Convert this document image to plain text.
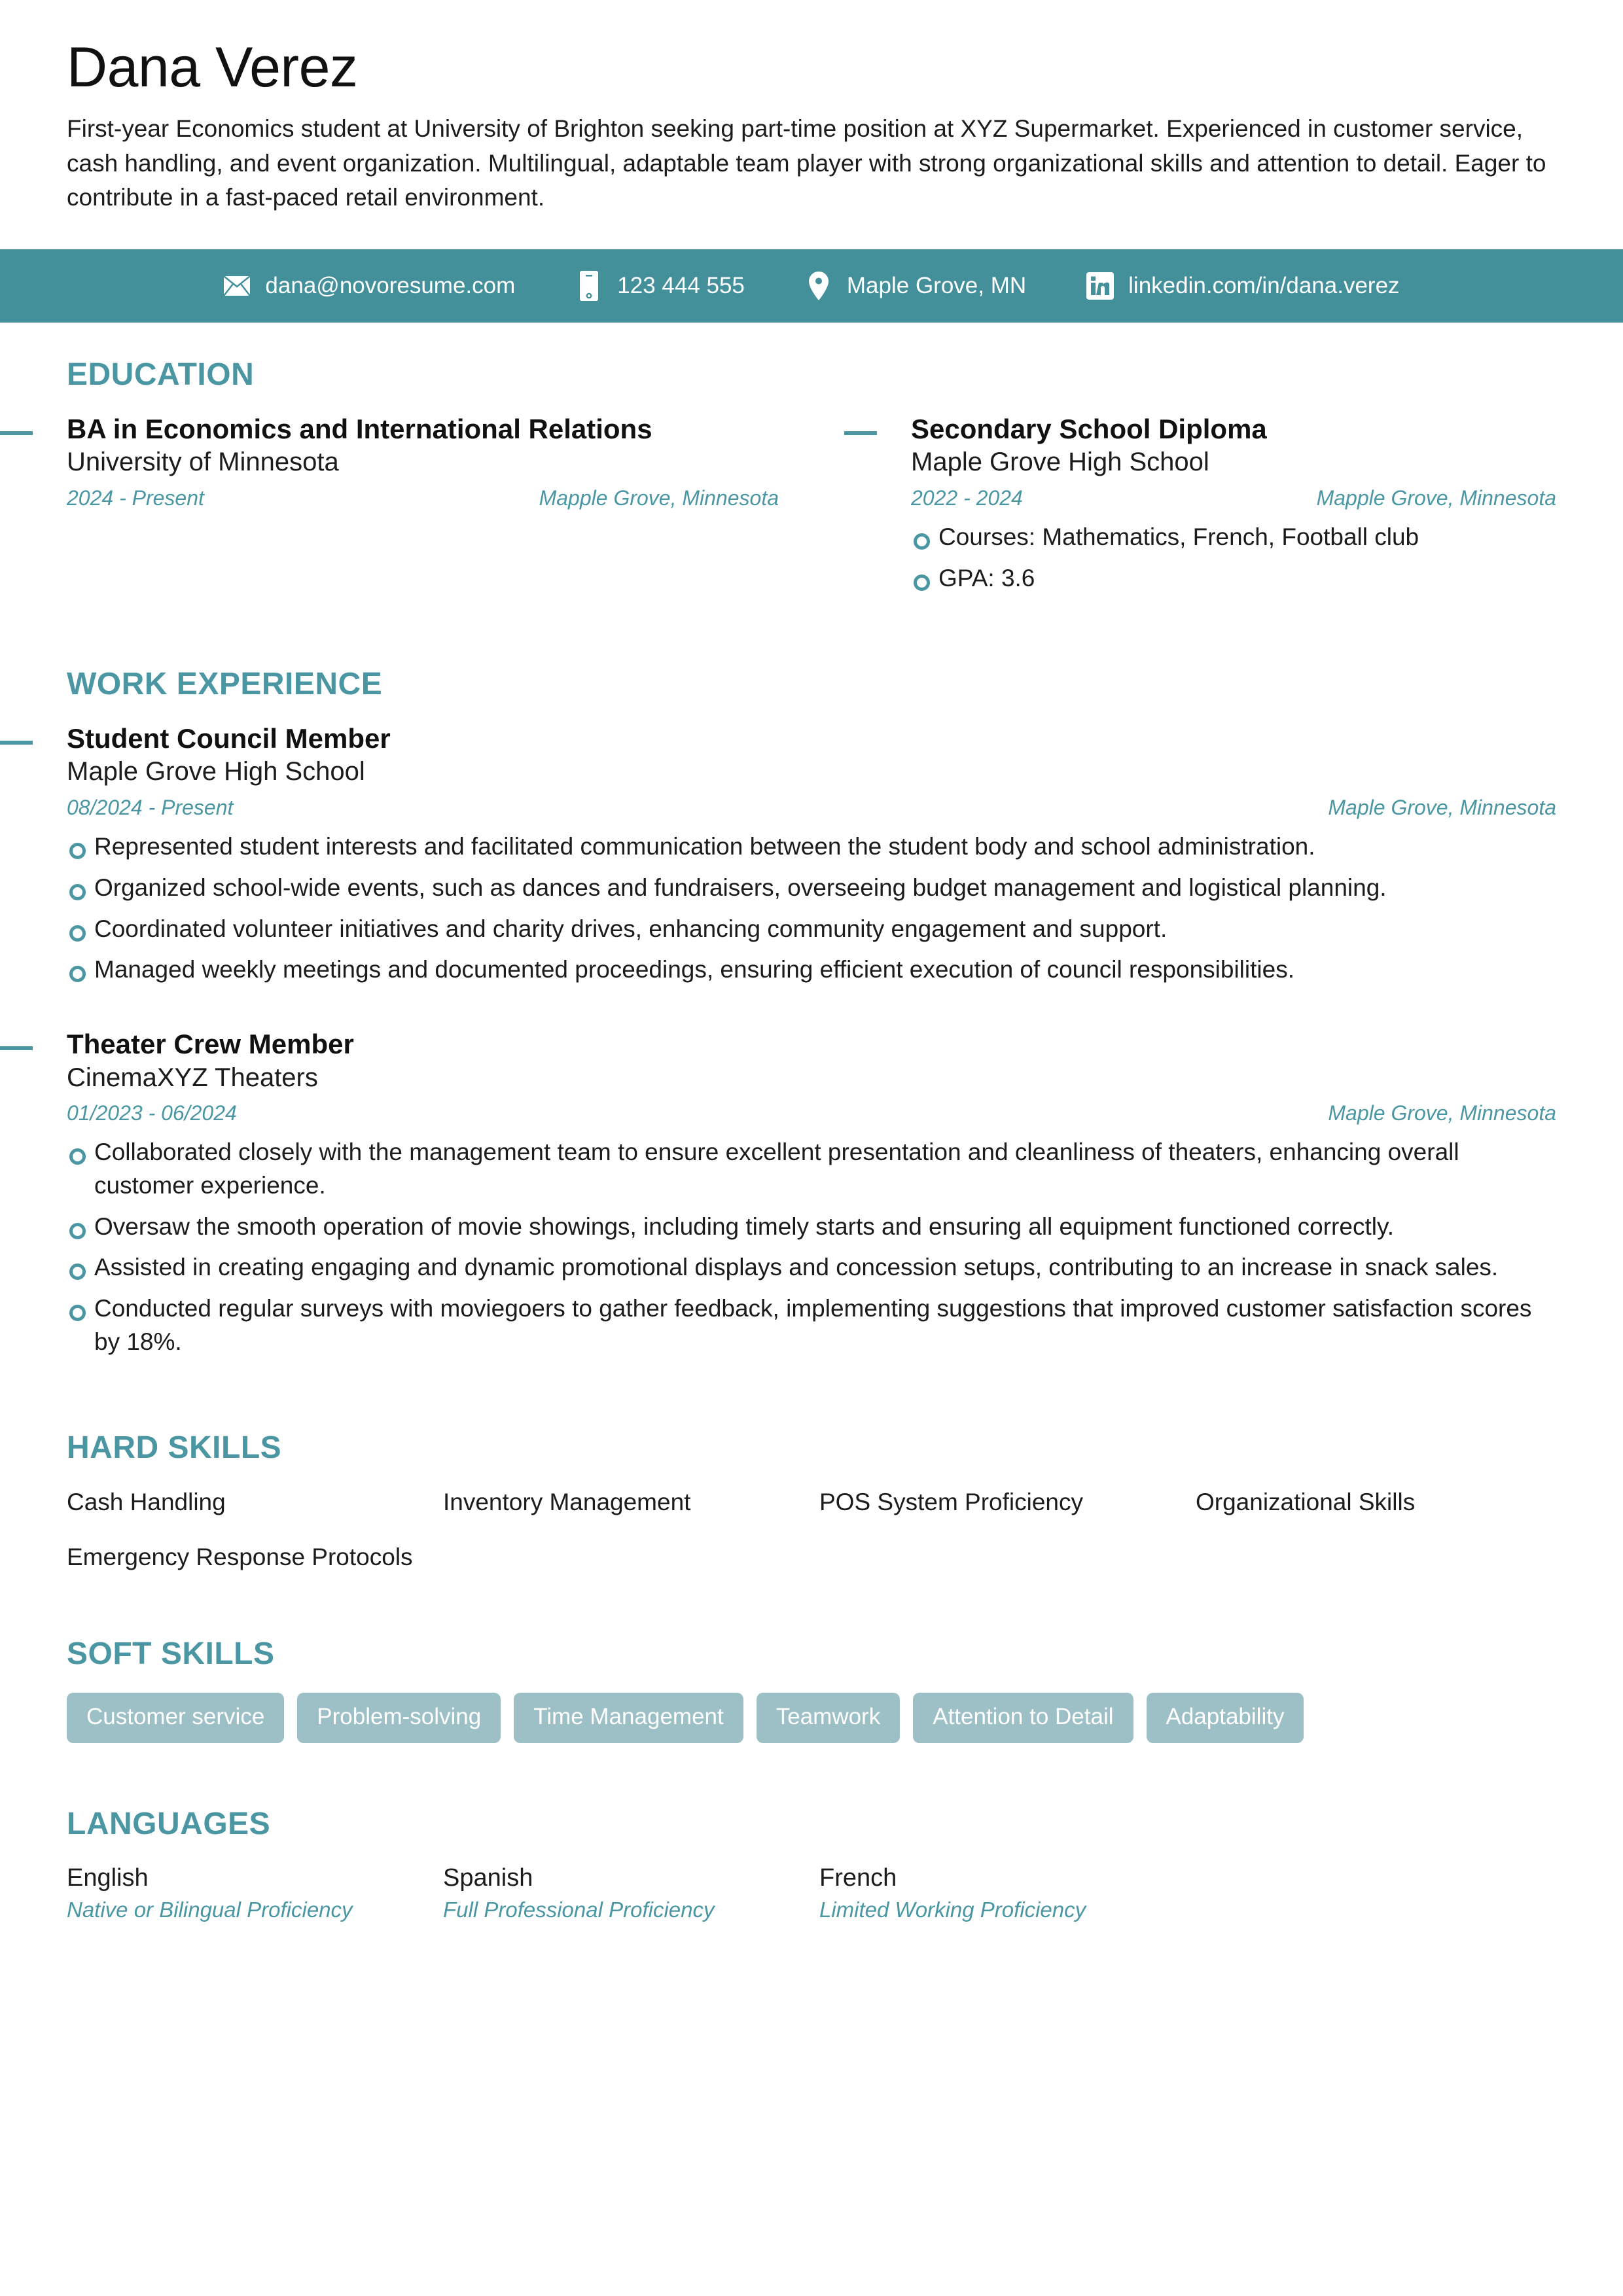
Dana Verez

First-year Economics student at University of Brighton seeking part-time position at XYZ Supermarket. Experienced in customer service, cash handling, and event organization. Multilingual, adaptable team player with strong organizational skills and attention to detail. Eager to contribute in a fast-paced retail environment.

dana@novoresume.com	123 444 555	Maple Grove, MN	linkedin.com/in/dana.verez
EDUCATION
BA in Economics and International Relations
University of Minnesota
2024 - Present	Mapple Grove, Minnesota
Secondary School Diploma
Maple Grove High School
2022 - 2024	Mapple Grove, Minnesota
Courses: Mathematics, French, Football club
GPA: 3.6
WORK EXPERIENCE
Student Council Member
Maple Grove High School
08/2024 - Present	Maple Grove, Minnesota
Represented student interests and facilitated communication between the student body and school administration.
Organized school-wide events, such as dances and fundraisers, overseeing budget management and logistical planning.
Coordinated volunteer initiatives and charity drives, enhancing community engagement and support.
Managed weekly meetings and documented proceedings, ensuring efficient execution of council responsibilities.
Theater Crew Member
CinemaXYZ Theaters
01/2023 - 06/2024	Maple Grove, Minnesota
Collaborated closely with the management team to ensure excellent presentation and cleanliness of theaters, enhancing overall customer experience.
Oversaw the smooth operation of movie showings, including timely starts and ensuring all equipment functioned correctly.
Assisted in creating engaging and dynamic promotional displays and concession setups, contributing to an increase in snack sales.
Conducted regular surveys with moviegoers to gather feedback, implementing suggestions that improved customer satisfaction scores by 18%.
HARD SKILLS
Cash Handling	Inventory Management	POS System Proficiency	Organizational Skills
Emergency Response Protocols
SOFT SKILLS
Customer service	Problem-solving	Time Management	Teamwork	Attention to Detail	Adaptability
LANGUAGES
English
Native or Bilingual Proficiency
Spanish
Full Professional Proficiency
French
Limited Working Proficiency
